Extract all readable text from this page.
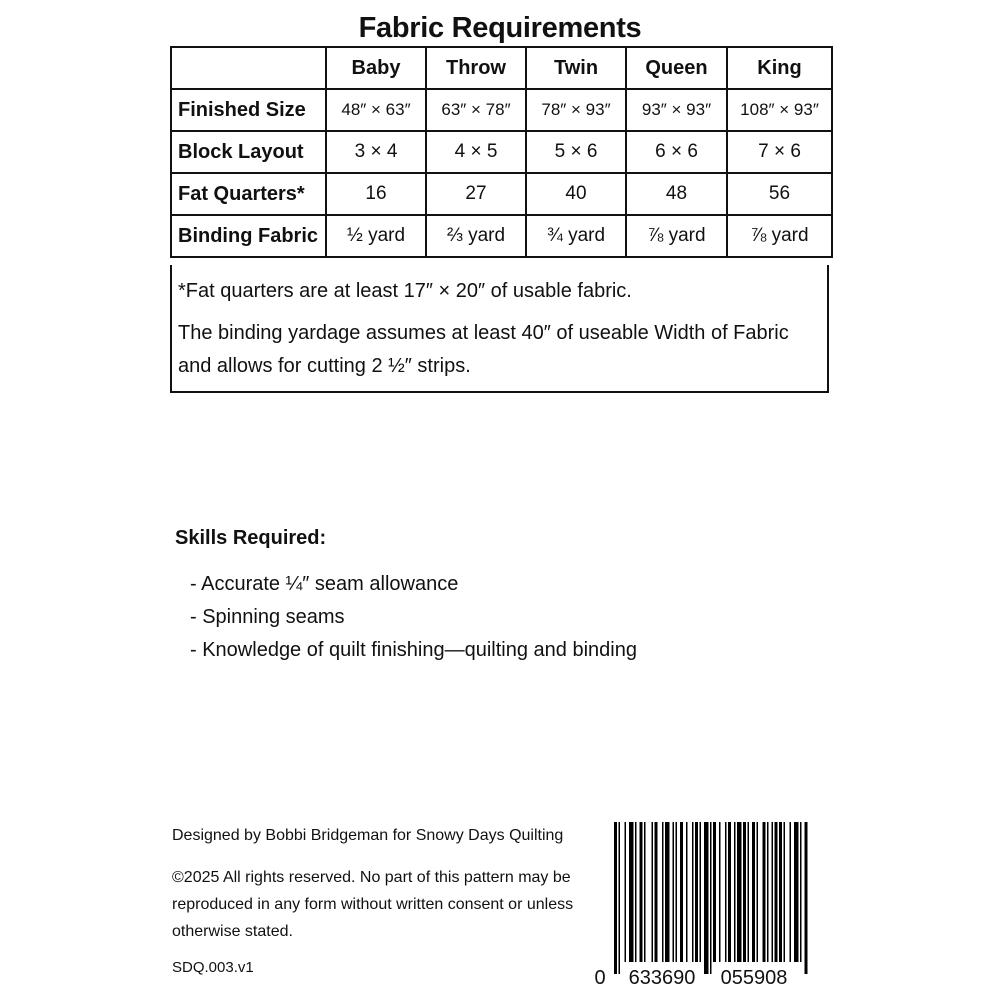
Fabric Requirements
	Baby	Throw	Twin	Queen	King
Finished Size	48″ × 63″	63″ × 78″	78″ × 93″	93″ × 93″	108″ × 93″
Block Layout	3 × 4	4 × 5	5 × 6	6 × 6	7 × 6
Fat Quarters*	16	27	40	48	56
Binding Fabric	½ yard	⅔ yard	¾ yard	⅞ yard	⅞ yard

*Fat quarters are at least 17″ × 20″ of usable fabric.

The binding yardage assumes at least 40″ of useable Width of Fabric and allows for cutting 2 ½″ strips.

Skills Required:
- Accurate ¼″ seam allowance
- Spinning seams
- Knowledge of quilt finishing—quilting and binding
Designed by Bobbi Bridgeman for Snowy Days Quilting
©2025 All rights reserved. No part of this pattern may be reproduced in any form without written consent or unless otherwise stated.
SDQ.003.v1	0 633690 055908
